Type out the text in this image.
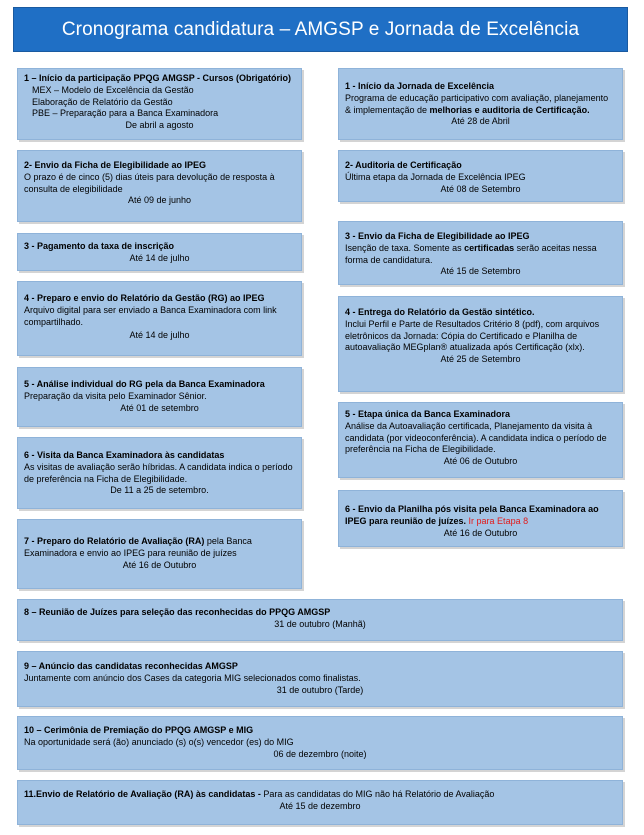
Cronograma candidatura – AMGSP e Jornada de Excelência
1 – Início da participação PPQG AMGSP - Cursos (Obrigatório)
MEX – Modelo de Excelência da Gestão
Elaboração de Relatório da Gestão
PBE – Preparação para a Banca Examinadora
De abril a agosto
2- Envio da Ficha de Elegibilidade ao IPEG
O prazo é de cinco (5) dias úteis para devolução de resposta à consulta de elegibilidade
Até 09 de junho
3 - Pagamento da taxa de inscrição
Até 14 de julho
4 - Preparo e envio do Relatório da Gestão (RG) ao IPEG
Arquivo digital para ser enviado a Banca Examinadora com link compartilhado.
Até 14 de julho
5 - Análise individual do RG pela da Banca Examinadora
Preparação da visita pelo Examinador Sênior.
Até 01 de setembro
6 - Visita da Banca Examinadora às candidatas
As visitas de avaliação serão híbridas. A candidata indica o período de preferência na Ficha de Elegibilidade.
De 11 a 25 de setembro.
7 - Preparo do Relatório de Avaliação (RA) pela Banca Examinadora e envio ao IPEG para reunião de juízes
Até 16 de Outubro
1 - Início da Jornada de Excelência
Programa de educação participativo com avaliação, planejamento & implementação de melhorias e auditoria de Certificação.
Até 28 de Abril
2- Auditoria de Certificação
Última etapa da Jornada de Excelência IPEG
Até 08 de Setembro
3 - Envio da Ficha de Elegibilidade ao IPEG
Isenção de taxa. Somente as certificadas serão aceitas nessa forma de candidatura.
Até 15 de Setembro
4 - Entrega do Relatório da Gestão sintético.
Inclui Perfil e Parte de Resultados Critério 8 (pdf), com arquivos eletrônicos da Jornada: Cópia do Certificado e Planilha de autoavaliação MEGplan® atualizada após Certificação (xlx).
Até 25 de Setembro
5 - Etapa única da Banca Examinadora
Análise da Autoavaliação certificada, Planejamento da visita à candidata (por videoconferência). A candidata indica o período de preferência na Ficha de Elegibilidade.
Até 06 de Outubro
6 - Envio da Planilha pós visita pela Banca Examinadora ao IPEG para reunião de juízes. Ir para Etapa 8
Até 16 de Outubro
8 – Reunião de Juízes para seleção das reconhecidas do PPQG AMGSP
31 de outubro (Manhã)
9 – Anúncio das candidatas reconhecidas AMGSP
Juntamente com anúncio dos Cases da categoria MIG selecionados como finalistas.
31 de outubro (Tarde)
10 – Cerimônia de Premiação do PPQG AMGSP e MIG
Na oportunidade será (ão) anunciado (s) o(s) vencedor (es) do MIG
06 de dezembro (noite)
11.Envio de Relatório de Avaliação (RA) às candidatas - Para as candidatas do MIG não há Relatório de Avaliação
Até 15 de dezembro
